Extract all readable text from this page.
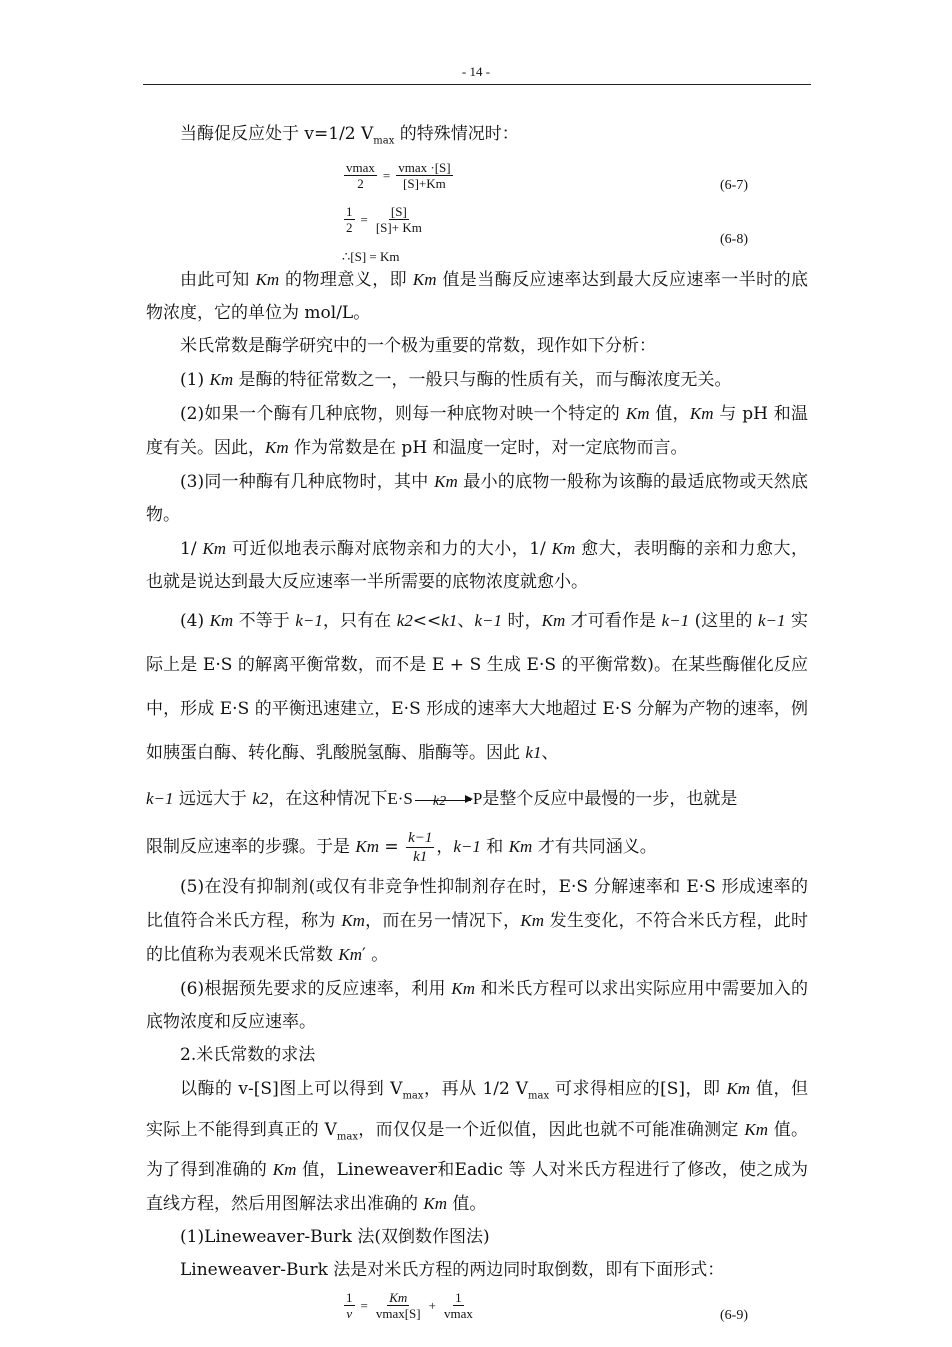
- 14 -

当酶促反应处于 v=1/2 $V_{max}$ 的特殊情况时：

$\frac{vmax}{2} = \frac{vmax \cdot[S]}{[S]+Km}$	(6-7)
$\frac{1}{2} = \frac{[S]}{[S]+ Km}$
∴[S] = Km
(6-8)

由此可知 Km 的物理意义，即 Km 值是当酶反应速率达到最大反应速率一半时的底物浓度，它的单位为 mol/L。

米氏常数是酶学研究中的一个极为重要的常数，现作如下分析：

(1) Km 是酶的特征常数之一，一般只与酶的性质有关，而与酶浓度无关。

(2)如果一个酶有几种底物，则每一种底物对映一个特定的 Km 值，Km 与 pH 和温度有关。因此，Km 作为常数是在 pH 和温度一定时，对一定底物而言。

(3)同一种酶有几种底物时，其中 Km 最小的底物一般称为该酶的最适底物或天然底物。

1/ Km 可近似地表示酶对底物亲和力的大小，1/ Km 愈大，表明酶的亲和力愈大，也就是说达到最大反应速率一半所需要的底物浓度就愈小。

(4) Km 不等于 k−1，只有在 k2<<k1、k−1 时，Km 才可看作是 k−1 (这里的 k−1 实际上是 E·S 的解离平衡常数，而不是 E + S 生成 E·S 的平衡常数)。在某些酶催化反应中，形成 E·S 的平衡迅速建立，E·S 形成的速率大大地超过 E·S 分解为产物的速率，例如胰蛋白酶、转化酶、乳酸脱氢酶、脂酶等。因此 k1、

k−1 远远大于 k2，在这种情况下E·S k2 P是整个反应中最慢的一步，也就是

限制反应速率的步骤。于是 $Km = \frac{k-1}{k1}$ ，k−1 和 Km 才有共同涵义。

(5)在没有抑制剂(或仅有非竞争性抑制剂存在时，E·S 分解速率和 E·S 形成速率的比值符合米氏方程，称为 Km，而在另一情况下，Km 发生变化，不符合米氏方程，此时的比值称为表观米氏常数 Km′ 。

(6)根据预先要求的反应速率，利用 Km 和米氏方程可以求出实际应用中需要加入的底物浓度和反应速率。

2.米氏常数的求法

以酶的 v-[S]图上可以得到 $V_{max}$，再从 1/2 $V_{max}$ 可求得相应的[S]，即 Km 值，但实际上不能得到真正的 $V_{max}$，而仅仅是一个近似值，因此也就不可能准确测定 Km 值。为了得到准确的 Km 值，Lineweaver和Eadic 等 人对米氏方程进行了修改，使之成为直线方程，然后用图解法求出准确的 Km 值。

(1)Lineweaver-Burk 法(双倒数作图法)

Lineweaver-Burk 法是对米氏方程的两边同时取倒数，即有下面形式：

$\frac{1}{v} = \frac{Km}{vmax[S]} + \frac{1}{vmax}$	(6-9)
